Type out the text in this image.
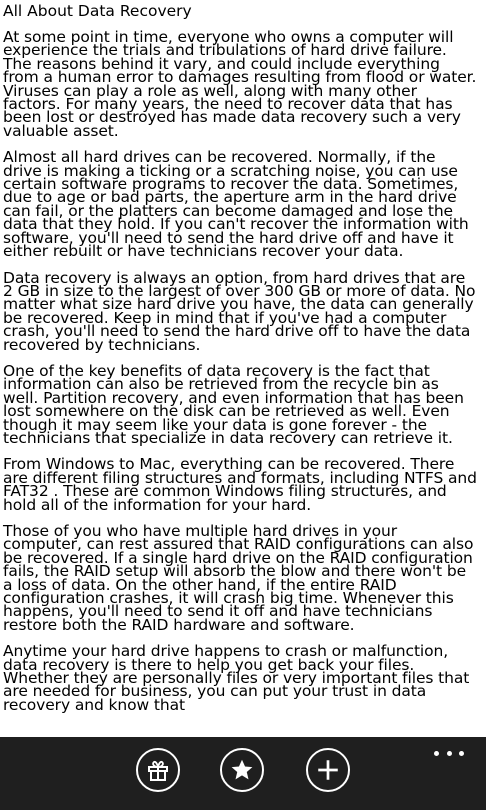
All About Data Recovery

At some point in time, everyone who owns a computer will experience the trials and tribulations of hard drive failure. The reasons behind it vary, and could include everything from a human error to damages resulting from flood or water. Viruses can play a role as well, along with many other factors. For many years, the need to recover data that has been lost or destroyed has made data recovery such a very valuable asset.

Almost all hard drives can be recovered. Normally, if the drive is making a ticking or a scratching noise, you can use certain software programs to recover the data. Sometimes, due to age or bad parts, the aperture arm in the hard drive can fail, or the platters can become damaged and lose the data that they hold. If you can't recover the information with software, you'll need to send the hard drive off and have it either rebuilt or have technicians recover your data.

Data recovery is always an option, from hard drives that are 2 GB in size to the largest of over 300 GB or more of data. No matter what size hard drive you have, the data can generally be recovered. Keep in mind that if you've had a computer crash, you'll need to send the hard drive off to have the data recovered by technicians.

One of the key benefits of data recovery is the fact that information can also be retrieved from the recycle bin as well. Partition recovery, and even information that has been lost somewhere on the disk can be retrieved as well. Even though it may seem like your data is gone forever - the technicians that specialize in data recovery can retrieve it.

From Windows to Mac, everything can be recovered. There are different filing structures and formats, including NTFS and FAT32 . These are common Windows filing structures, and hold all of the information for your hard.

Those of you who have multiple hard drives in your computer, can rest assured that RAID configurations can also be recovered. If a single hard drive on the RAID configuration fails, the RAID setup will absorb the blow and there won't be a loss of data. On the other hand, if the entire RAID configuration crashes, it will crash big time. Whenever this happens, you'll need to send it off and have technicians restore both the RAID hardware and software.

Anytime your hard drive happens to crash or malfunction, data recovery is there to help you get back your files. Whether they are personally files or very important files that are needed for business, you can put your trust in data recovery and know that
